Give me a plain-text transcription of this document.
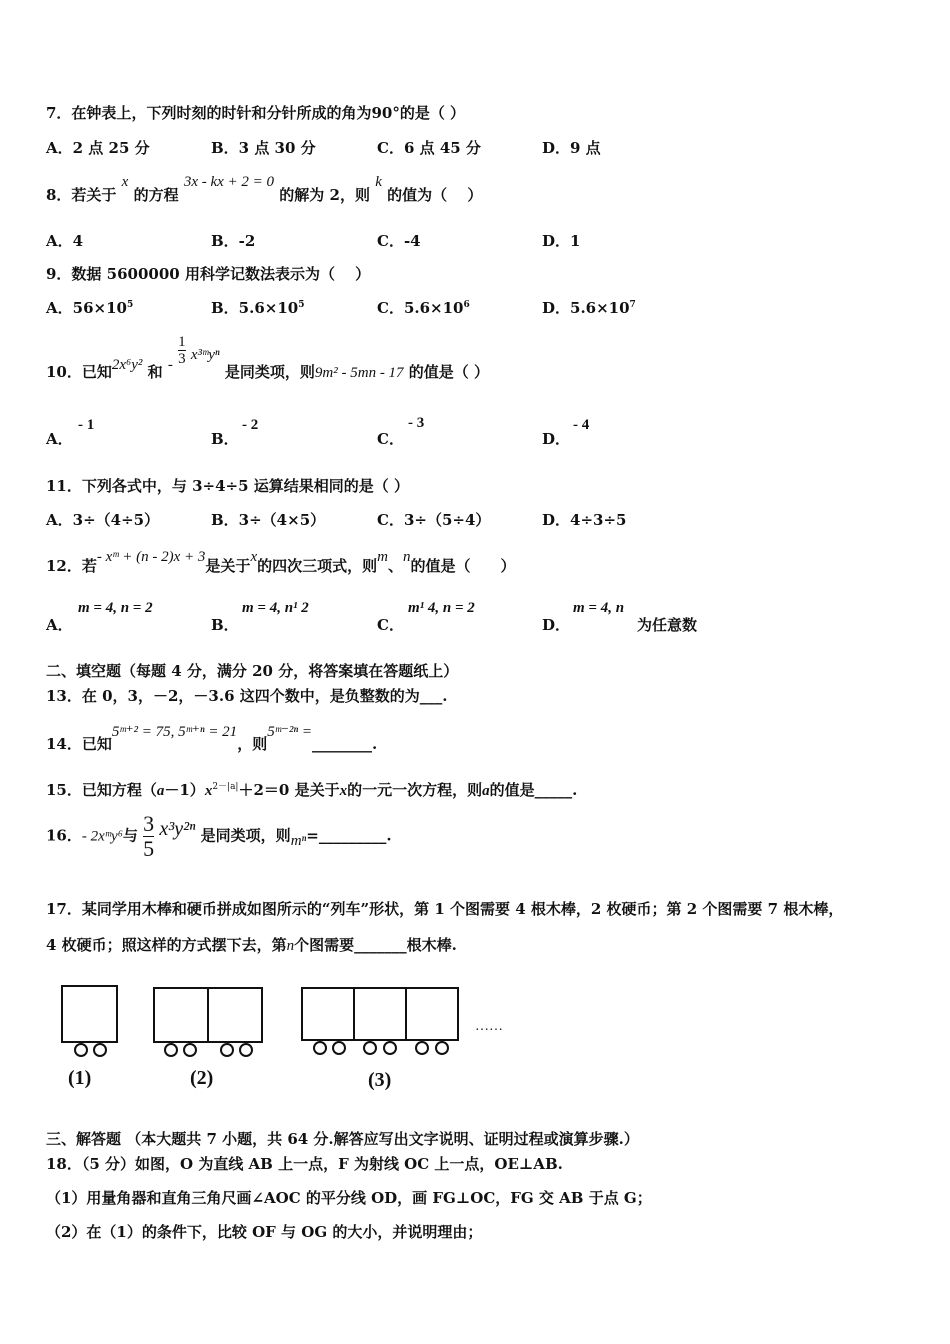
7．在钟表上，下列时刻的时针和分针所成的角为90°的是（ ）
A．2 点 25 分	B．3 点 30 分	C．6 点 45 分	D．9 点
8．若关于 x 的方程 3x - kx + 2 = 0 的解为 2，则 k 的值为（　 ）
A．4	B．-2	C．-4	D．1
9．数据 5600000 用科学记数法表示为（　 ）
A．$56\times 10^5$	B．$5.6\times 10^5$	C．$5.6\times 10^6$	D．$5.6\times 10^7$
10．已知2x⁶y² 和 - $\frac{1}{3}$ x³ᵐyⁿ 是同类项，则9m² - 5mn - 17 的值是（ ）
A．
- 1
B．
- 2
C．
- 3
D．
- 4
11．下列各式中，与 3÷4÷5 运算结果相同的是（ ）
A．3÷（4÷5）	B．3÷（4×5）	C．3÷（5÷4）	D．4÷3÷5
12．若- xᵐ + (n - 2)x + 3是关于x的四次三项式，则m、n的值是（　　）
A．
m = 4, n = 2
B．
m = 4, n¹ 2
C．
m¹ 4, n = 2
D．
m = 4, n
为任意数
二、填空题（每题 4 分，满分 20 分，将答案填在答题纸上）
13．在 0，3，－2，－3.6 这四个数中，是负整数的为___.
14．已知5ᵐ⁺² = 75, 5ᵐ⁺ⁿ = 21，则5ᵐ⁻²ⁿ =________.
15．已知方程$(a-1)x^{2-|a|}+2=0$ 是关于x的一元一次方程，则a的值是_____.
16．- 2xᵐy⁶与 $\frac{3}{5} x^3y^{2n}$ 是同类项，则mⁿ=_________.
17．某同学用木棒和硬币拼成如图所示的“列车”形状，第 1 个图需要 4 根木棒，2 枚硬币；第 2 个图需要 7 根木棒，
4 枚硬币；照这样的方式摆下去，第n个图需要_______根木棒.
……
(1)	(2)	(3)
三、解答题 （本大题共 7 小题，共 64 分.解答应写出文字说明、证明过程或演算步骤.）
18．（5 分）如图，O 为直线 AB 上一点，F 为射线 OC 上一点，OE⊥AB.
（1）用量角器和直角三角尺画∠AOC 的平分线 OD，画 FG⊥OC，FG 交 AB 于点 G；
（2）在（1）的条件下，比较 OF 与 OG 的大小，并说明理由；
